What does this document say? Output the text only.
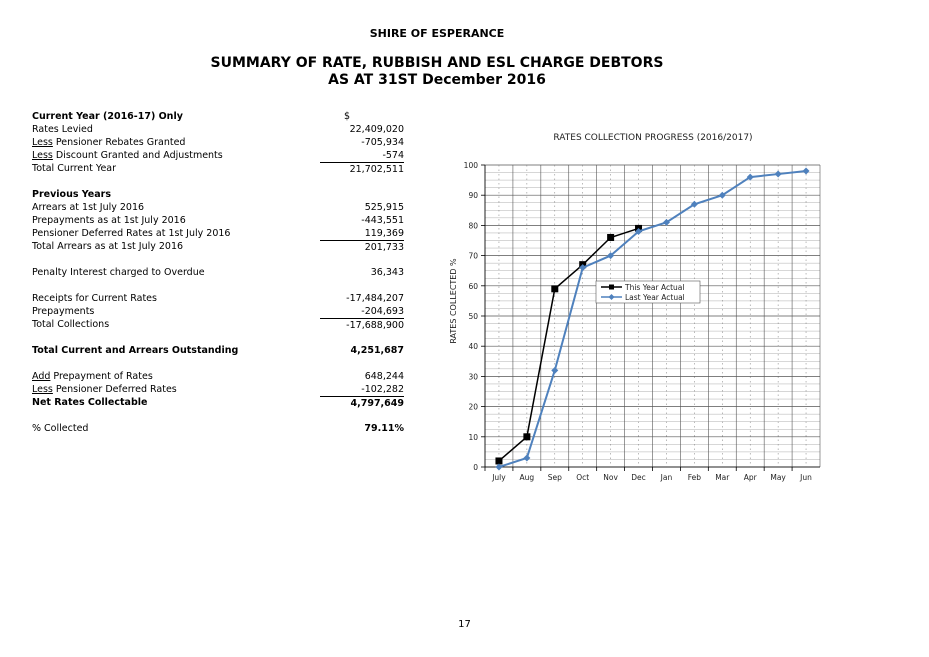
SHIRE OF ESPERANCE
SUMMARY OF RATE, RUBBISH AND ESL CHARGE DEBTORS
AS AT 31ST December 2016
Current Year (2016-17) Only	$
Rates Levied	22,409,020
Less Pensioner Rebates Granted	-705,934
Less Discount Granted and Adjustments	-574
Total Current Year	21,702,511
Previous Years
Arrears at 1st July 2016	525,915
Prepayments as at 1st July 2016	-443,551
Pensioner Deferred Rates at 1st July 2016	119,369
Total Arrears as at 1st July 2016	201,733
Penalty Interest charged to Overdue	36,343
Receipts for Current Rates	-17,484,207
Prepayments	-204,693
Total Collections	-17,688,900
Total Current and Arrears Outstanding	4,251,687
Add Prepayment of Rates	648,244
Less Pensioner Deferred Rates	-102,282
Net Rates Collectable	4,797,649
% Collected	79.11%
RATES COLLECTION PROGRESS (2016/2017)
RATES COLLECTED %
0
10
20
30
40
50
60
70
80
90
100
July Aug Sep Oct Nov Dec Jan Feb Mar Apr May Jun
This Year Actual
Last Year Actual
17
